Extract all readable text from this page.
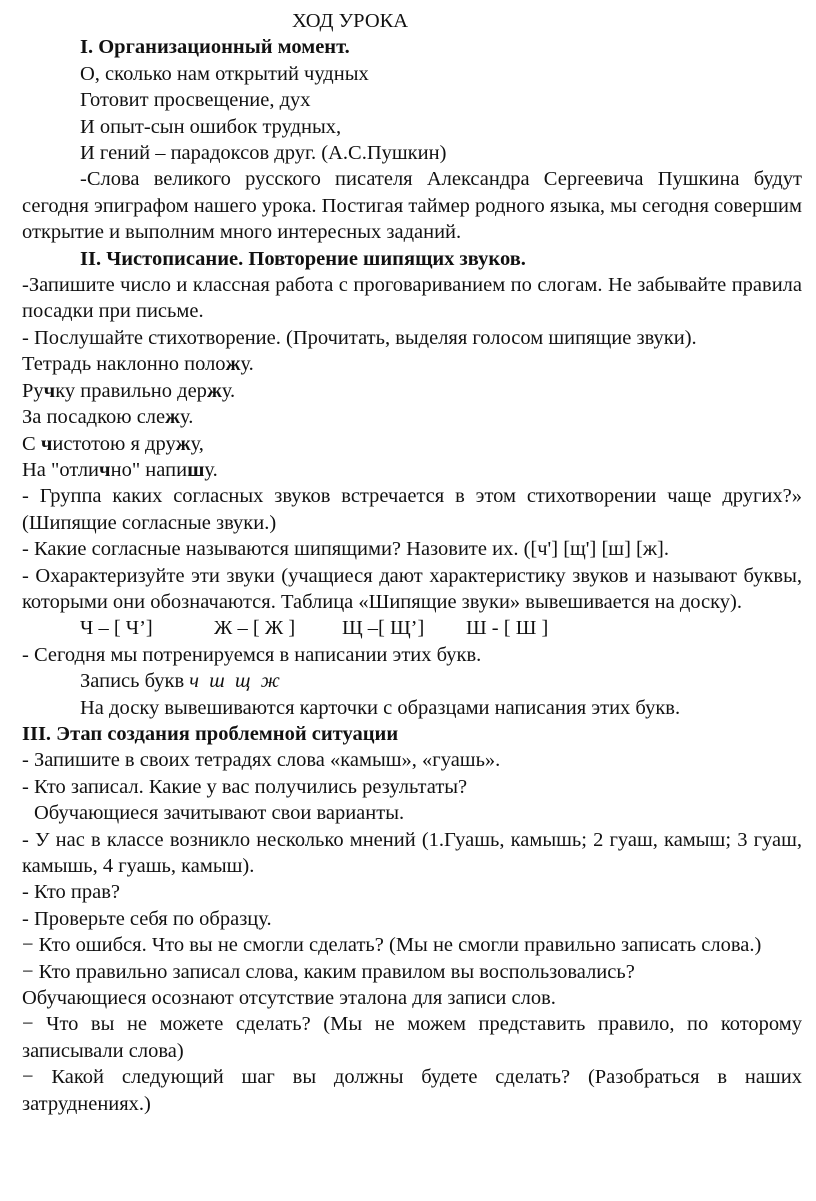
ХОД УРОКА

I. Организационный момент.

О, сколько нам открытий чудных

Готовит просвещение, дух

И опыт-сын ошибок трудных,

И гений – парадоксов друг. (А.С.Пушкин)

-Слова великого русского писателя Александра Сергеевича Пушкина будут сегодня эпиграфом нашего урока. Постигая таймер родного языка, мы сегодня совершим открытие и выполним много интересных заданий.

II. Чистописание. Повторение шипящих звуков.

-Запишите число и классная работа с проговариванием по слогам. Не забывайте правила посадки при письме.

- Послушайте стихотворение. (Прочитать, выделяя голосом шипящие звуки).

Тетрадь наклонно положу.

Ручку правильно держу.

За посадкою слежу.

С чистотою я дружу,

На "отлично" напишу.

- Группа каких согласных звуков встречается в этом стихотворении чаще других?» (Шипящие согласные звуки.)

- Какие согласные называются шипящими? Назовите их. ([ч'] [щ'] [ш] [ж].

- Охарактеризуйте эти звуки (учащиеся дают характеристику звуков и называют буквы, которыми они обозначаются. Таблица «Шипящие звуки» вывешивается на доску).

Ч – [ Ч’]	Ж – [ Ж ] Щ –[ Щ’] Ш - [ Ш ]

- Сегодня мы потренируемся в написании этих букв.

Запись букв ч  ш  щ  ж

На доску вывешиваются карточки с образцами написания этих букв.

III. Этап создания проблемной ситуации

- Запишите в своих тетрадях слова «камыш», «гуашь».

- Кто записал. Какие у вас получились результаты?

Обучающиеся зачитывают свои варианты.

- У нас в классе возникло несколько мнений (1.Гуашь, камышь; 2 гуаш, камыш; 3 гуаш, камышь, 4 гуашь, камыш).

- Кто прав?

- Проверьте себя по образцу.

− Кто ошибся. Что вы не смогли сделать? (Мы не смогли правильно записать слова.)

− Кто правильно записал слова, каким правилом вы воспользовались?

Обучающиеся осознают отсутствие эталона для записи слов.

− Что вы не можете сделать? (Мы не можем представить правило, по которому записывали слова)

− Какой следующий шаг вы должны будете сделать? (Разобраться в наших затруднениях.)
